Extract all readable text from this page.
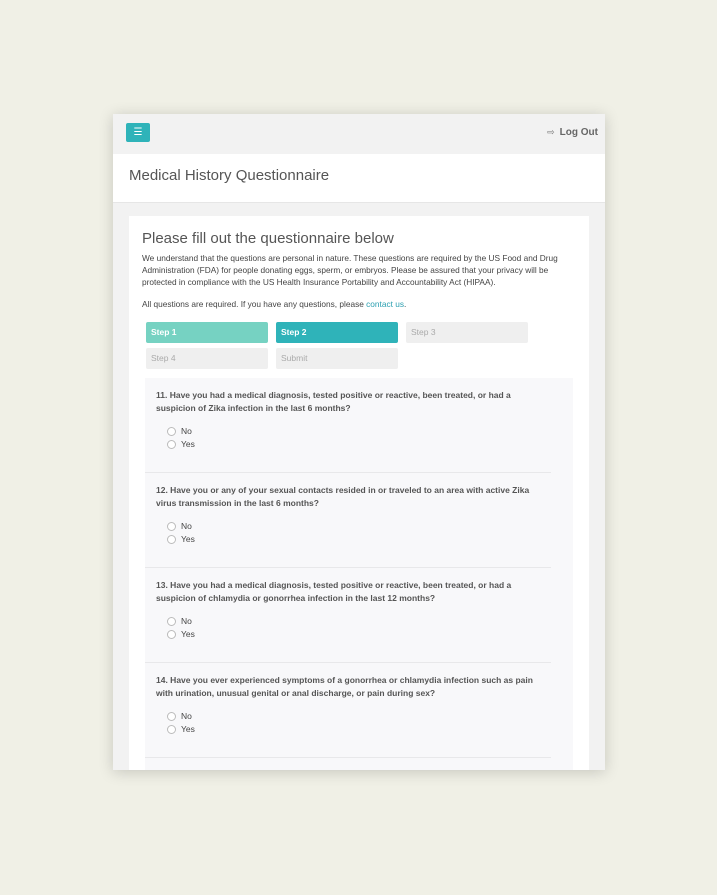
☰	⇨ Log Out
Medical History Questionnaire
Please fill out the questionnaire below
We understand that the questions are personal in nature. These questions are required by the US Food and Drug Administration (FDA) for people donating eggs, sperm, or embryos. Please be assured that your privacy will be protected in compliance with the US Health Insurance Portability and Accountability Act (HIPAA).
All questions are required. If you have any questions, please contact us.
Step 1	Step 2	Step 3
Step 4	Submit
11. Have you had a medical diagnosis, tested positive or reactive, been treated, or had a suspicion of Zika infection in the last 6 months?
No
Yes
12. Have you or any of your sexual contacts resided in or traveled to an area with active Zika virus transmission in the last 6 months?
No
Yes
13. Have you had a medical diagnosis, tested positive or reactive, been treated, or had a suspicion of chlamydia or gonorrhea infection in the last 12 months?
No
Yes
14. Have you ever experienced symptoms of a gonorrhea or chlamydia infection such as pain with urination, unusual genital or anal discharge, or pain during sex?
No
Yes
